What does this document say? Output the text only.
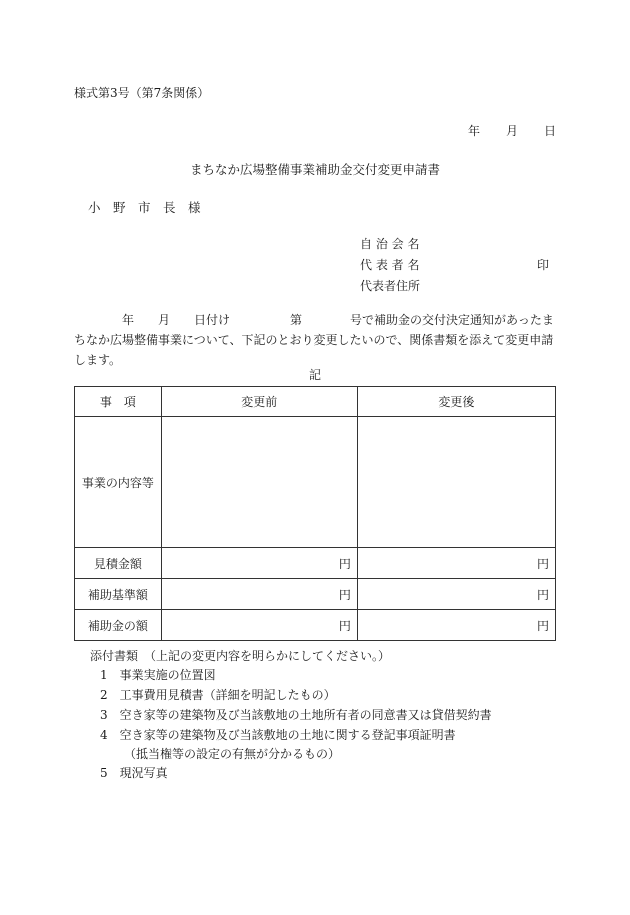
様式第3号（第7条関係）
年 月 日
まちなか広場整備事業補助金交付変更申請書
小　野　市　長　様
自 治 会 名
代 表 者 名	印
代表者住所
　　　　年　　月　　日付け　　　　　第　　　　号で補助金の交付決定通知があったま
ちなか広場整備事業について、下記のとおり変更したいので、関係書類を添えて変更申請
します。
記
事　項	変更前	変更後
事業の内容等		
見積金額	円	円
補助基準額	円	円
補助金の額	円	円
添付書類　（上記の変更内容を明らかにしてください。）
1　事業実施の位置図
2　工事費用見積書（詳細を明記したもの）
3　空き家等の建築物及び当該敷地の土地所有者の同意書又は貸借契約書
4　空き家等の建築物及び当該敷地の土地に関する登記事項証明書
　（抵当権等の設定の有無が分かるもの）
5　現況写真
